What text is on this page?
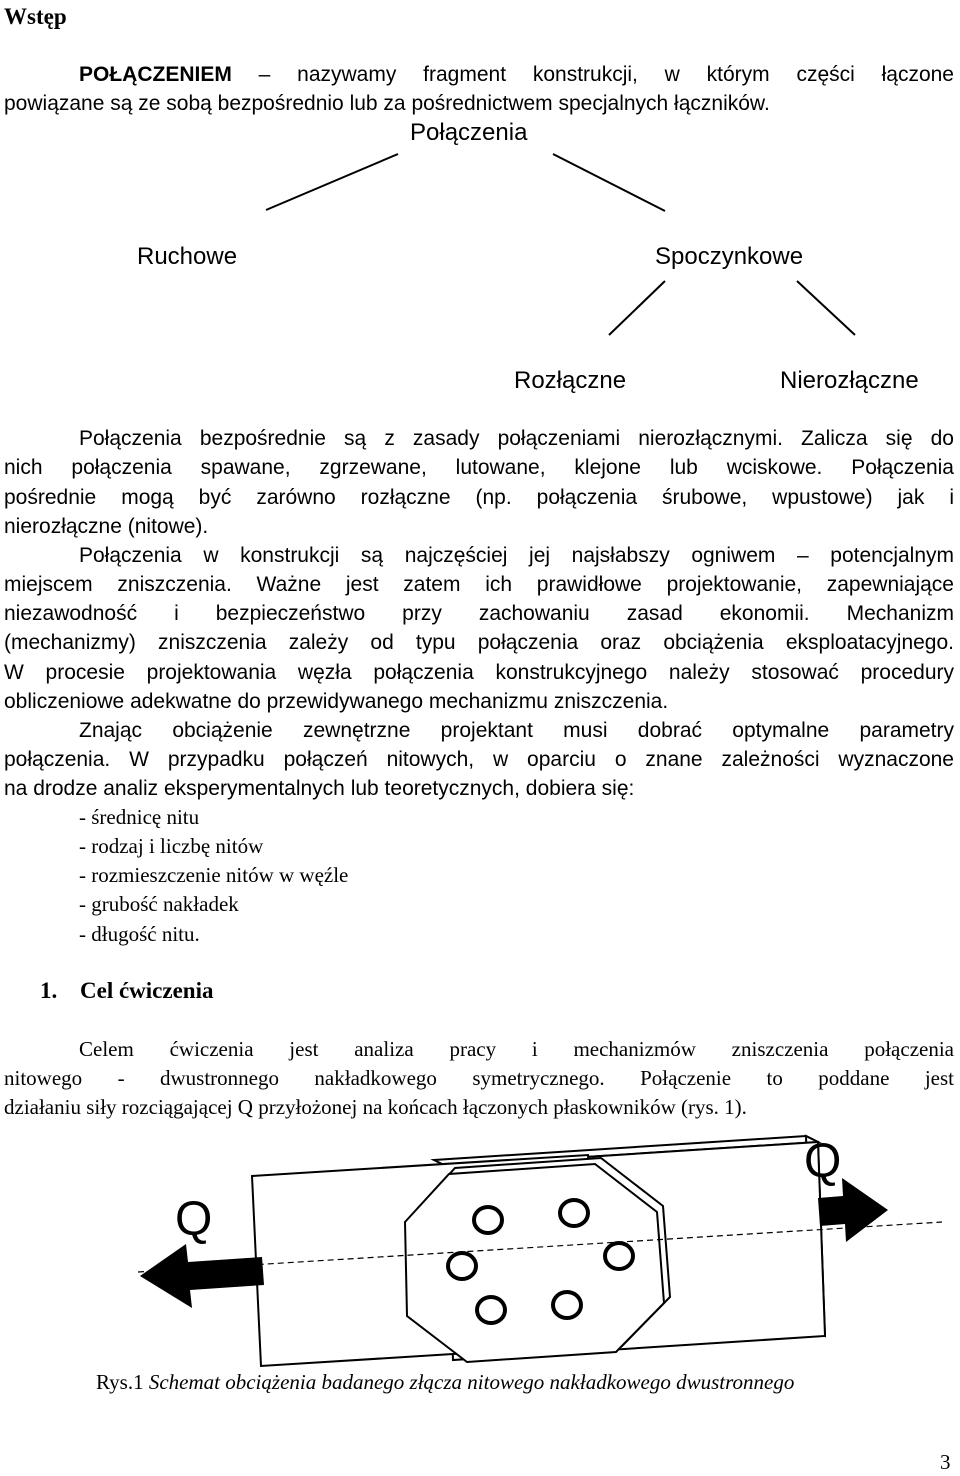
Wstęp
POŁĄCZENIEM – nazywamy fragment konstrukcji, w którym części łączone
powiązane są ze sobą bezpośrednio lub za pośrednictwem specjalnych łączników.
Połączenia
Ruchowe	Spoczynkowe
Rozłączne	Nierozłączne
Połączenia bezpośrednie są z zasady połączeniami nierozłącznymi. Zalicza się do
nich połączenia spawane, zgrzewane, lutowane, klejone lub wciskowe. Połączenia
pośrednie mogą być zarówno rozłączne (np. połączenia śrubowe, wpustowe) jak i
nierozłączne (nitowe).
Połączenia w konstrukcji są najczęściej jej najsłabszy ogniwem – potencjalnym
miejscem zniszczenia. Ważne jest zatem ich prawidłowe projektowanie, zapewniające
niezawodność i bezpieczeństwo przy zachowaniu zasad ekonomii. Mechanizm
(mechanizmy) zniszczenia zależy od typu połączenia oraz obciążenia eksploatacyjnego.
W procesie projektowania węzła połączenia konstrukcyjnego należy stosować procedury
obliczeniowe adekwatne do przewidywanego mechanizmu zniszczenia.
Znając obciążenie zewnętrzne projektant musi dobrać optymalne parametry
połączenia. W przypadku połączeń nitowych, w oparciu o znane zależności wyznaczone
na drodze analiz eksperymentalnych lub teoretycznych, dobiera się:
- średnicę nitu
- rodzaj i liczbę nitów
- rozmieszczenie nitów w węźle
- grubość nakładek
- długość nitu.
1. Cel ćwiczenia
Celem ćwiczenia jest analiza pracy i mechanizmów zniszczenia połączenia
nitowego - dwustronnego nakładkowego symetrycznego. Połączenie to poddane jest
działaniu siły rozciągającej Q przyłożonej na końcach łączonych płaskowników (rys. 1).
Q
Q
Rys.1 Schemat obciążenia badanego złącza nitowego nakładkowego dwustronnego
3
